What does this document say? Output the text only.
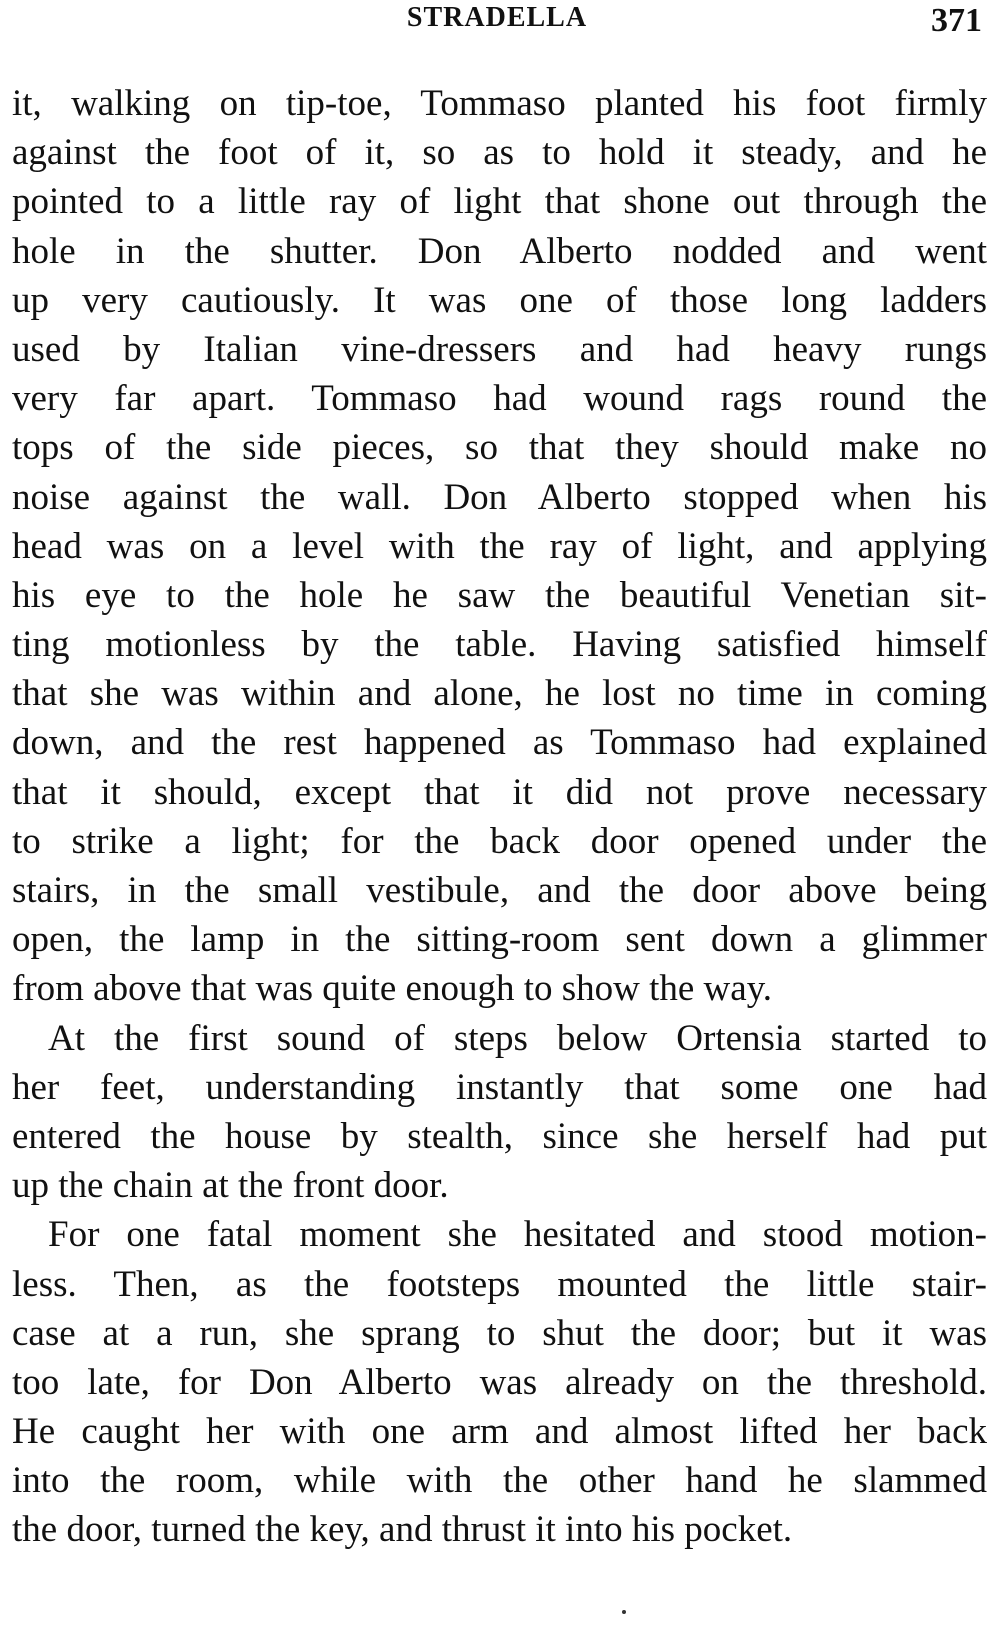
STRADELLA	371
it, walking on tip-toe, Tommaso planted his foot firmly
against the foot of it, so as to hold it steady, and he
pointed to a little ray of light that shone out through the
hole in the shutter. Don Alberto nodded and went
up very cautiously. It was one of those long ladders
used by Italian vine-dressers and had heavy rungs
very far apart. Tommaso had wound rags round the
tops of the side pieces, so that they should make no
noise against the wall. Don Alberto stopped when his
head was on a level with the ray of light, and applying
his eye to the hole he saw the beautiful Venetian sit-
ting motionless by the table. Having satisfied himself
that she was within and alone, he lost no time in coming
down, and the rest happened as Tommaso had explained
that it should, except that it did not prove necessary
to strike a light; for the back door opened under the
stairs, in the small vestibule, and the door above being
open, the lamp in the sitting-room sent down a glimmer
from above that was quite enough to show the way.
At the first sound of steps below Ortensia started to
her feet, understanding instantly that some one had
entered the house by stealth, since she herself had put
up the chain at the front door.
For one fatal moment she hesitated and stood motion-
less. Then, as the footsteps mounted the little stair-
case at a run, she sprang to shut the door; but it was
too late, for Don Alberto was already on the threshold.
He caught her with one arm and almost lifted her back
into the room, while with the other hand he slammed
the door, turned the key, and thrust it into his pocket.
